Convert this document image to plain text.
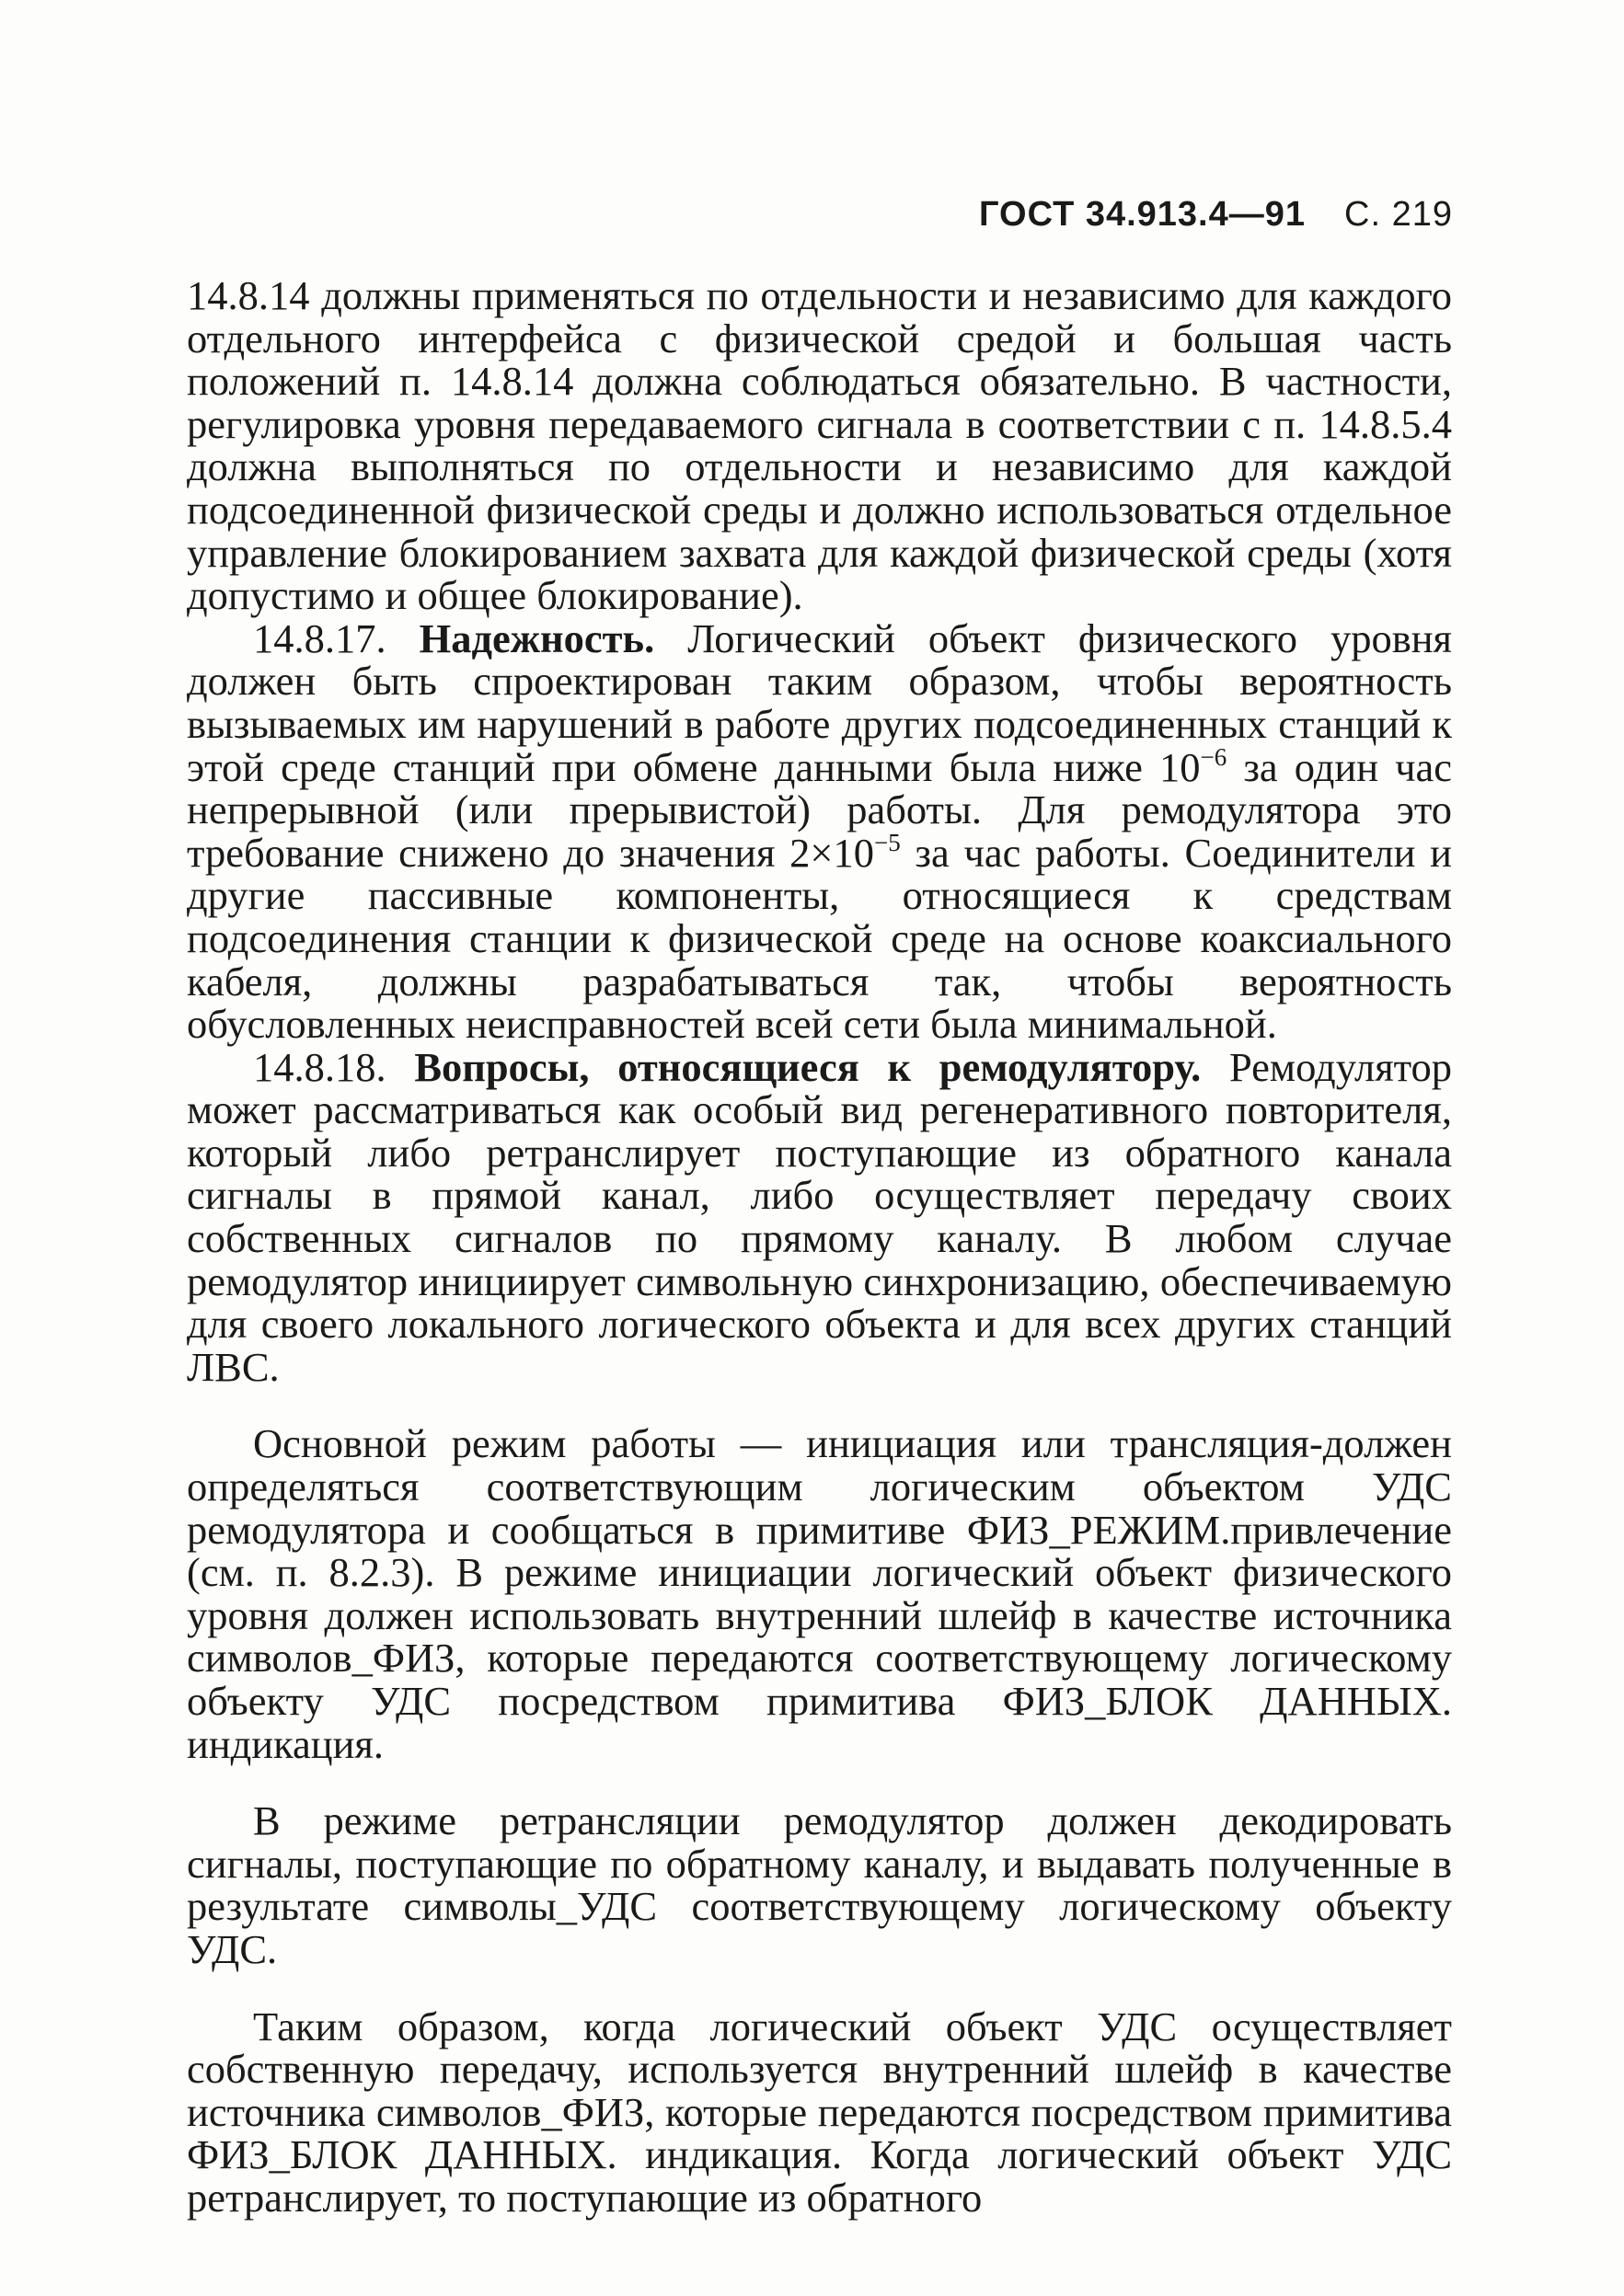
ГОСТ 34.913.4—91 С. 219

14.8.14 должны применяться по отдельности и независимо для каждого отдельного интерфейса с физической средой и большая часть положений п. 14.8.14 должна соблюдаться обязательно. В частности, регулировка уровня передаваемого сигнала в соответствии с п. 14.8.5.4 должна выполняться по отдельности и независимо для каждой подсоединенной физической среды и должно использоваться отдельное управление блокированием захвата для каждой физической среды (хотя допустимо и общее блокирование).

14.8.17. Надежность. Логический объект физического уровня должен быть спроектирован таким образом, чтобы вероятность вызываемых им нарушений в работе других подсоединенных станций к этой среде станций при обмене данными была ниже $10^{-6}$ за один час непрерывной (или прерывистой) работы. Для ремодулятора это требование снижено до значения $2\times 10^{-5}$ за час работы. Соединители и другие пассивные компоненты, относящиеся к средствам подсоединения станции к физической среде на основе коаксиального кабеля, должны разрабатываться так, чтобы вероятность обусловленных неисправностей всей сети была минимальной.

14.8.18. Вопросы, относящиеся к ремодулятору. Ремодулятор может рассматриваться как особый вид регенеративного повторителя, который либо ретранслирует поступающие из обратного канала сигналы в прямой канал, либо осуществляет передачу своих собственных сигналов по прямому каналу. В любом случае ремодулятор инициирует символьную синхронизацию, обеспечиваемую для своего локального логического объекта и для всех других станций ЛВС.

Основной режим работы — инициация или трансляция-должен определяться соответствующим логическим объектом УДС ремодулятора и сообщаться в примитиве ФИЗ_РЕЖИМ.привлечение (см. п. 8.2.3). В режиме инициации логический объект физического уровня должен использовать внутренний шлейф в качестве источника символов_ФИЗ, которые передаются соответствующему логическому объекту УДС посредством примитива ФИЗ_БЛОК ДАННЫХ. индикация.

В режиме ретрансляции ремодулятор должен декодировать сигналы, поступающие по обратному каналу, и выдавать полученные в результате символы_УДС соответствующему логическому объекту УДС.

Таким образом, когда логический объект УДС осуществляет собственную передачу, используется внутренний шлейф в качестве источника символов_ФИЗ, которые передаются посредством примитива ФИЗ_БЛОК ДАННЫХ. индикация. Когда логический объект УДС ретранслирует, то поступающие из обратного
